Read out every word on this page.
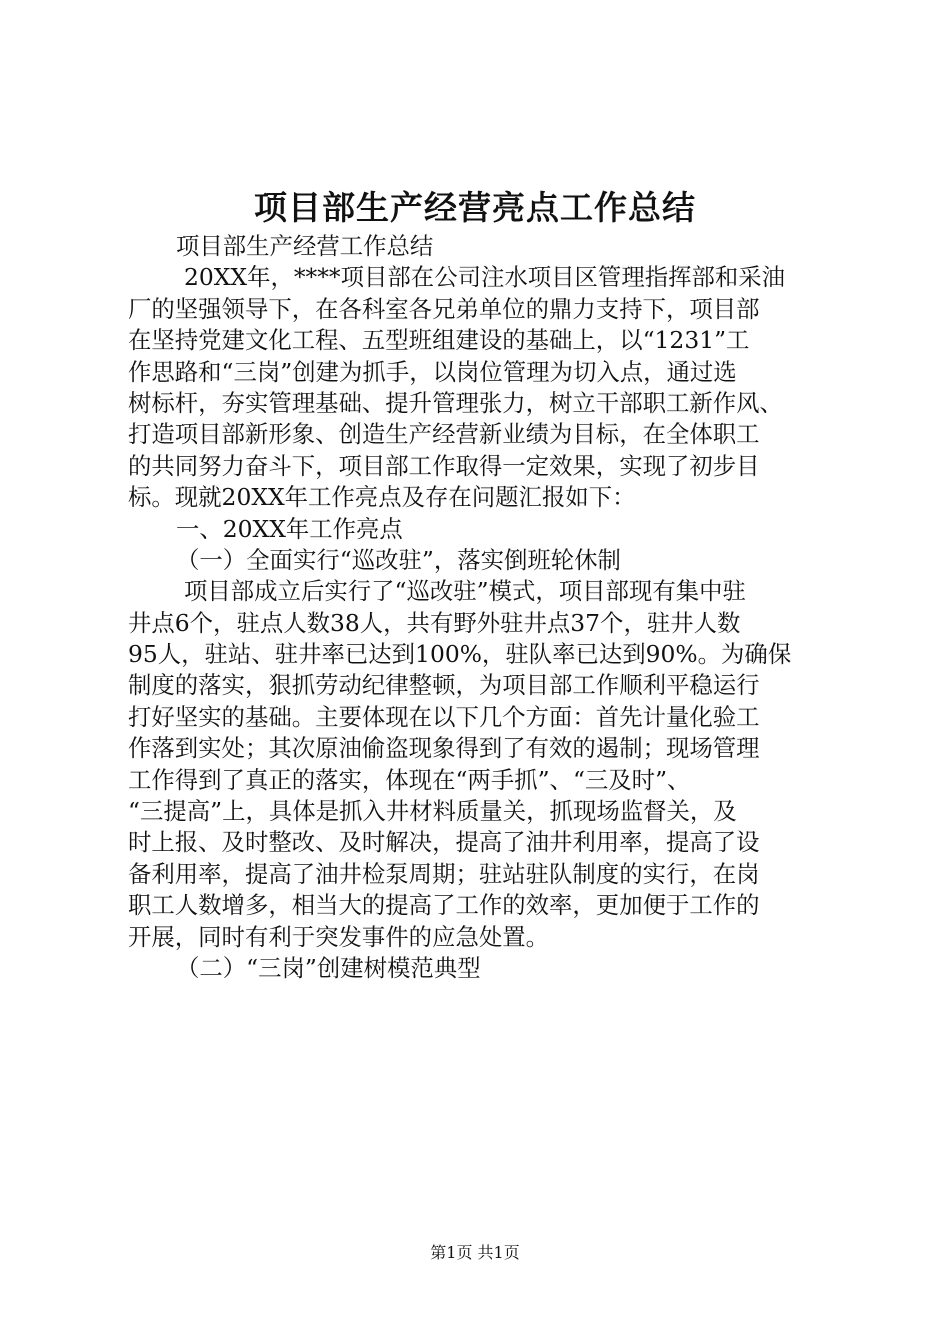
项目部生产经营亮点工作总结
项目部生产经营工作总结
20XX年，****项目部在公司注水项目区管理指挥部和采油
厂的坚强领导下，在各科室各兄弟单位的鼎力支持下，项目部
在坚持党建文化工程、五型班组建设的基础上，以“1231”工
作思路和“三岗”创建为抓手，以岗位管理为切入点，通过选
树标杆，夯实管理基础、提升管理张力，树立干部职工新作风、
打造项目部新形象、创造生产经营新业绩为目标，在全体职工
的共同努力奋斗下，项目部工作取得一定效果，实现了初步目
标。现就20XX年工作亮点及存在问题汇报如下：
一、20XX年工作亮点
（一）全面实行“巡改驻”，落实倒班轮休制
项目部成立后实行了“巡改驻”模式，项目部现有集中驻
井点6个，驻点人数38人，共有野外驻井点37个，驻井人数
95人，驻站、驻井率已达到100%，驻队率已达到90%。为确保
制度的落实，狠抓劳动纪律整顿，为项目部工作顺利平稳运行
打好坚实的基础。主要体现在以下几个方面：首先计量化验工
作落到实处；其次原油偷盗现象得到了有效的遏制；现场管理
工作得到了真正的落实，体现在“两手抓”、“三及时”、
“三提高”上，具体是抓入井材料质量关，抓现场监督关，及
时上报、及时整改、及时解决，提高了油井利用率，提高了设
备利用率，提高了油井检泵周期；驻站驻队制度的实行，在岗
职工人数增多，相当大的提高了工作的效率，更加便于工作的
开展，同时有利于突发事件的应急处置。
（二）“三岗”创建树模范典型
第1页 共1页
